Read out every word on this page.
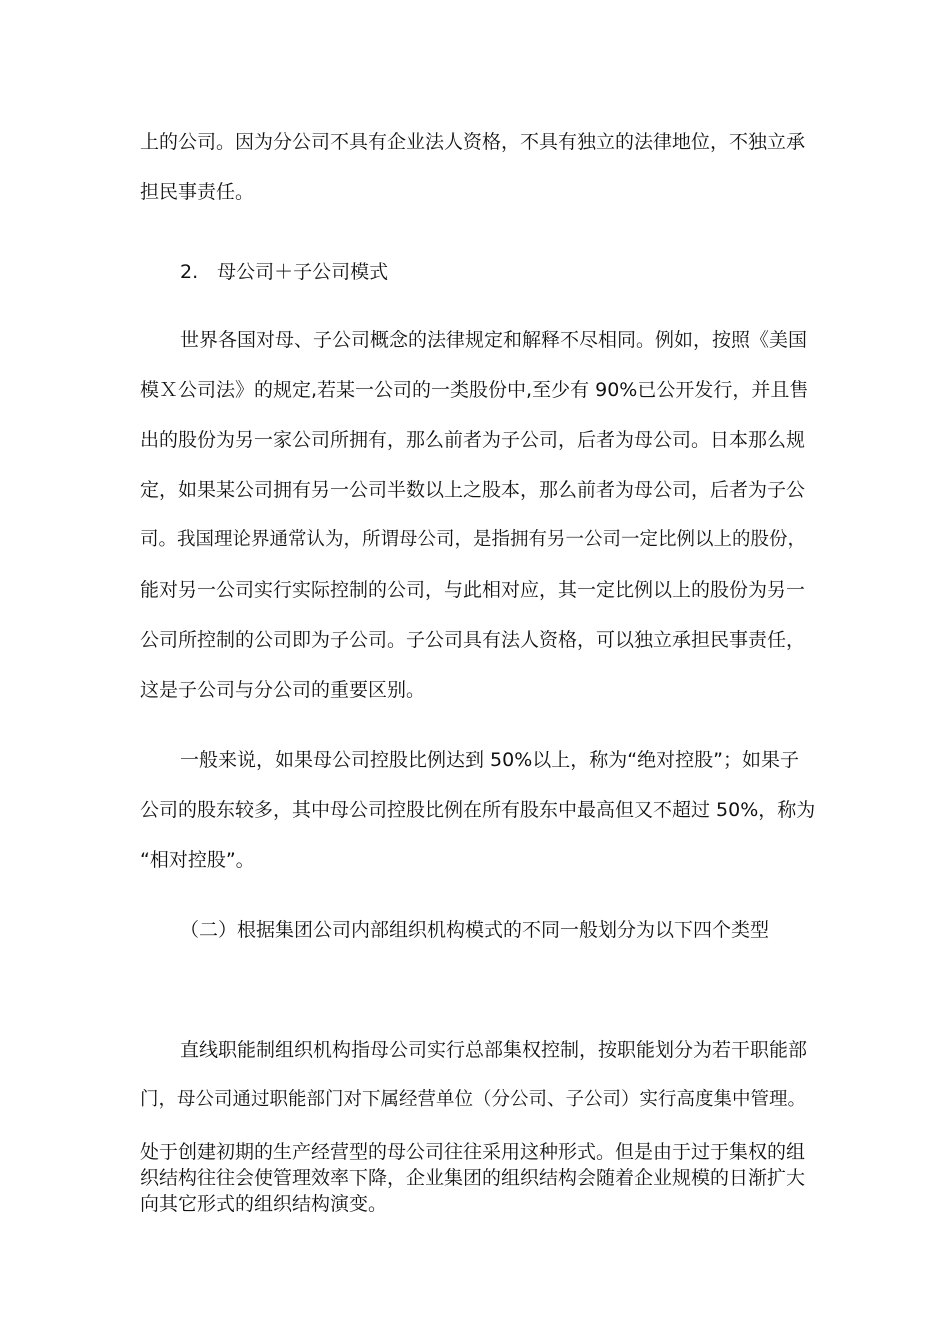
上的公司。因为分公司不具有企业法人资格，不具有独立的法律地位，不独立承
担民事责任。
2.　母公司＋子公司模式
世界各国对母、子公司概念的法律规定和解释不尽相同。例如，按照《美国
模Ｘ公司法》的规定,若某一公司的一类股份中,至少有 90%已公开发行，并且售
出的股份为另一家公司所拥有，那么前者为子公司，后者为母公司。日本那么规
定，如果某公司拥有另一公司半数以上之股本，那么前者为母公司，后者为子公
司。我国理论界通常认为，所谓母公司，是指拥有另一公司一定比例以上的股份，
能对另一公司实行实际控制的公司，与此相对应，其一定比例以上的股份为另一
公司所控制的公司即为子公司。子公司具有法人资格，可以独立承担民事责任，
这是子公司与分公司的重要区别。
一般来说，如果母公司控股比例达到 50%以上，称为“绝对控股”；如果子
公司的股东较多，其中母公司控股比例在所有股东中最高但又不超过 50%，称为
“相对控股”。
（二）根据集团公司内部组织机构模式的不同一般划分为以下四个类型
直线职能制组织机构指母公司实行总部集权控制，按职能划分为若干职能部
门，母公司通过职能部门对下属经营单位（分公司、子公司）实行高度集中管理。
处于创建初期的生产经营型的母公司往往采用这种形式。但是由于过于集权的组
织结构往往会使管理效率下降，企业集团的组织结构会随着企业规模的日渐扩大
向其它形式的组织结构演变。
